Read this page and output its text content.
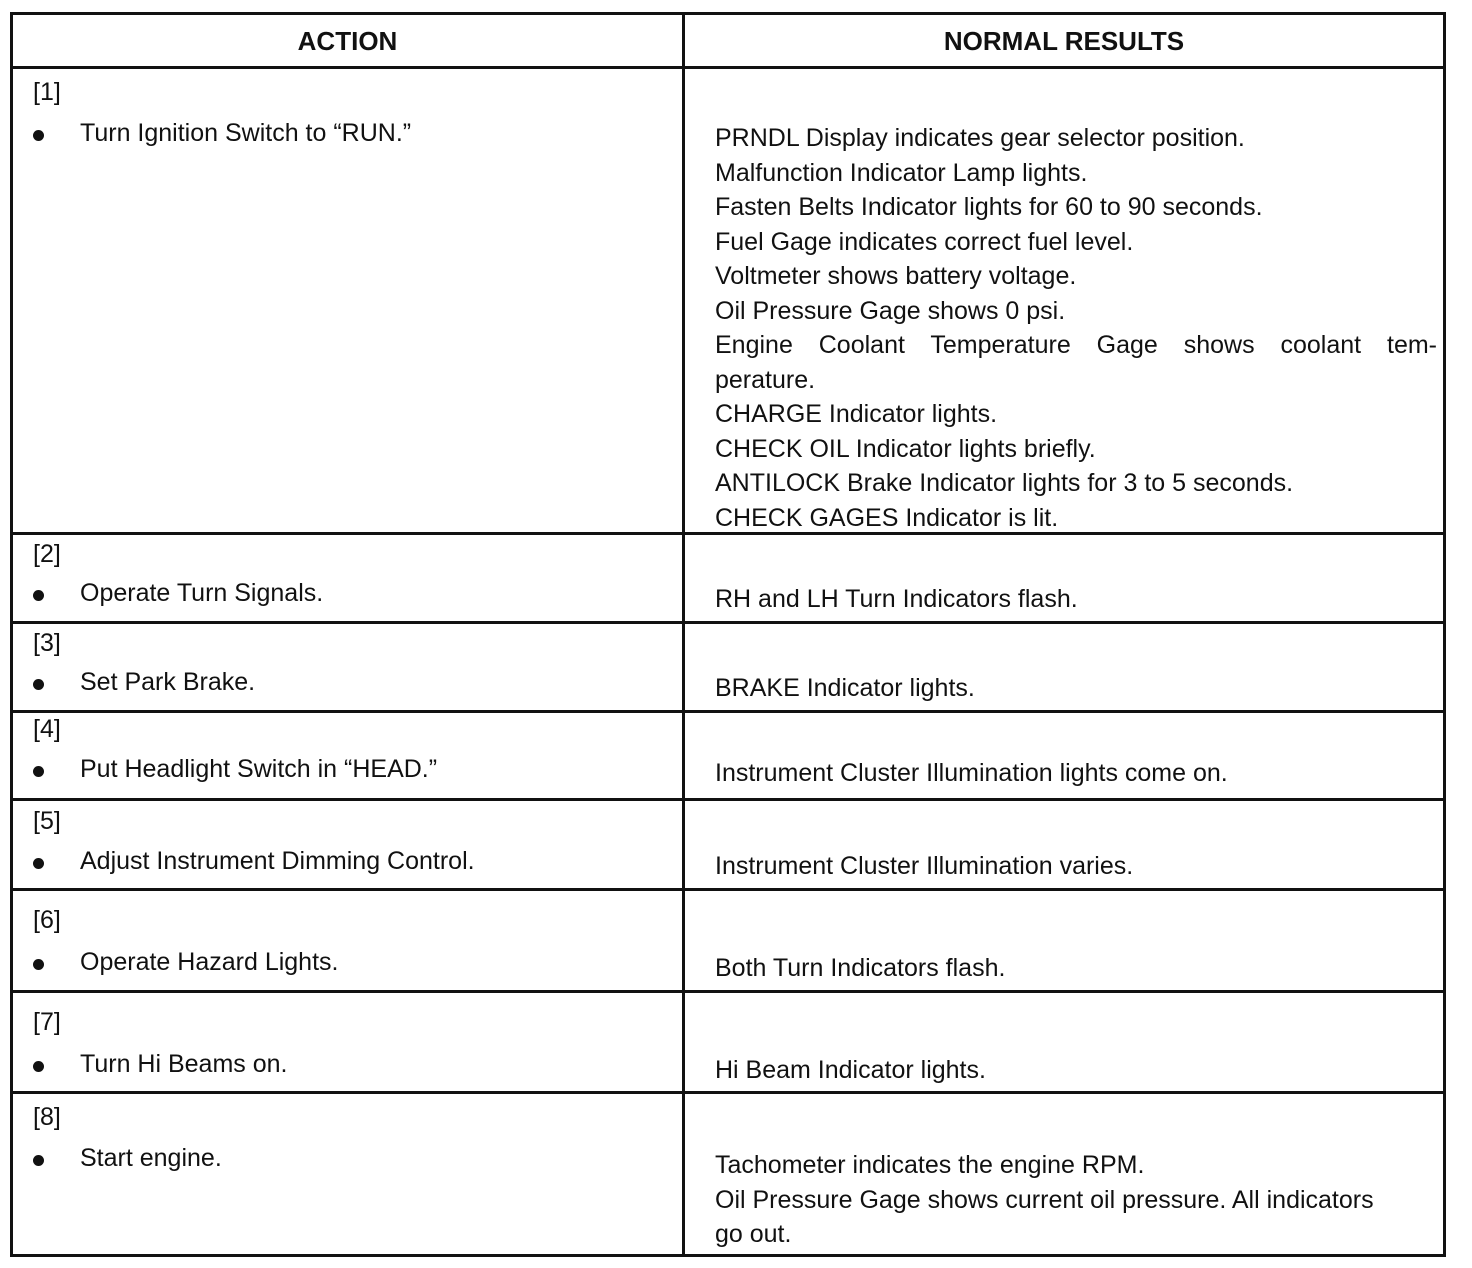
ACTION	NORMAL RESULTS
[1]
Turn Ignition Switch to “RUN.”	PRNDL Display indicates gear selector position.
Malfunction Indicator Lamp lights.
Fasten Belts Indicator lights for 60 to 90 seconds.
Fuel Gage indicates correct fuel level.
Voltmeter shows battery voltage.
Oil Pressure Gage shows 0 psi.
Engine Coolant Temperature Gage shows coolant tem-
perature.
CHARGE Indicator lights.
CHECK OIL Indicator lights briefly.
ANTILOCK Brake Indicator lights for 3 to 5 seconds.
CHECK GAGES Indicator is lit.
[2]
Operate Turn Signals.	RH and LH Turn Indicators flash.
[3]
Set Park Brake.	BRAKE Indicator lights.
[4]
Put Headlight Switch in “HEAD.”	Instrument Cluster Illumination lights come on.
[5]
Adjust Instrument Dimming Control.	Instrument Cluster Illumination varies.
[6]
Operate Hazard Lights.	Both Turn Indicators flash.
[7]
Turn Hi Beams on.	Hi Beam Indicator lights.
[8]
Start engine.	Tachometer indicates the engine RPM.
Oil Pressure Gage shows current oil pressure. All indicators
go out.
